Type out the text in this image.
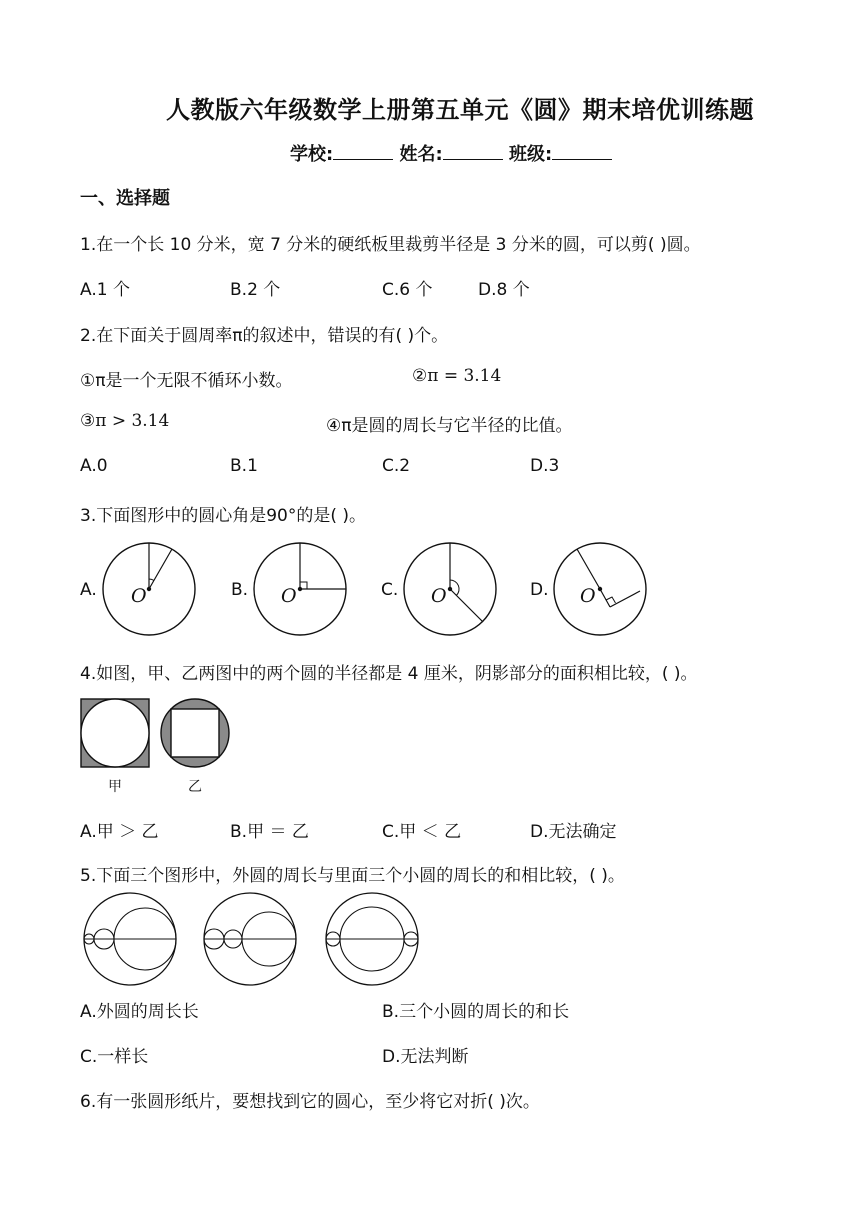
人教版六年级数学上册第五单元《圆》期末培优训练题
学校:	姓名:	班级:
一、选择题
1.在一个长 10 分米，宽 7 分米的硬纸板里裁剪半径是 3 分米的圆，可以剪( )圆。
A.1 个	B.2 个	C.6 个	D.8 个
2.在下面关于圆周率π的叙述中，错误的有( )个。
①π是一个无限不循环小数。	②π = 3.14
③π > 3.14	④π是圆的周长与它半径的比值。
A.0	B.1	C.2	D.3
3.下面图形中的圆心角是90°的是( )。
A. O	B. O	C. O	D. O
4.如图，甲、乙两图中的两个圆的半径都是 4 厘米，阴影部分的面积相比较，( )。
甲	乙
A.甲 ＞ 乙	B.甲 ＝ 乙	C.甲 ＜ 乙	D.无法确定
5.下面三个图形中，外圆的周长与里面三个小圆的周长的和相比较，( )。
A.外圆的周长长	B.三个小圆的周长的和长
C.一样长	D.无法判断
6.有一张圆形纸片，要想找到它的圆心，至少将它对折( )次。
